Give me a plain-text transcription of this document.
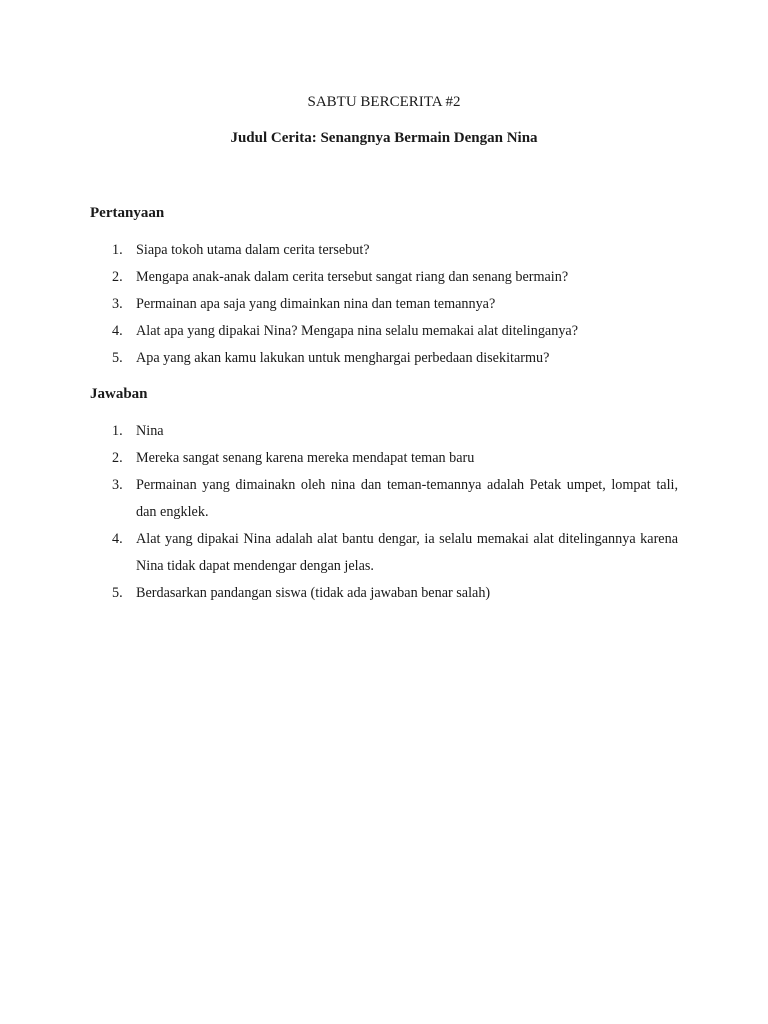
SABTU BERCERITA #2
Judul Cerita: Senangnya Bermain Dengan Nina
Pertanyaan
1. Siapa tokoh utama dalam cerita tersebut?
2. Mengapa anak-anak dalam cerita tersebut sangat riang dan senang bermain?
3. Permainan apa saja yang dimainkan nina dan teman temannya?
4. Alat apa yang dipakai Nina? Mengapa nina selalu memakai alat ditelinganya?
5. Apa yang akan kamu lakukan untuk menghargai perbedaan disekitarmu?
Jawaban
1. Nina
2. Mereka sangat senang karena mereka mendapat teman baru
3. Permainan yang dimainakn oleh nina dan teman-temannya adalah Petak umpet, lompat tali, dan engklek.
4. Alat yang dipakai Nina adalah alat bantu dengar, ia selalu memakai alat ditelingannya karena Nina tidak dapat mendengar dengan jelas.
5. Berdasarkan pandangan siswa (tidak ada jawaban benar salah)
